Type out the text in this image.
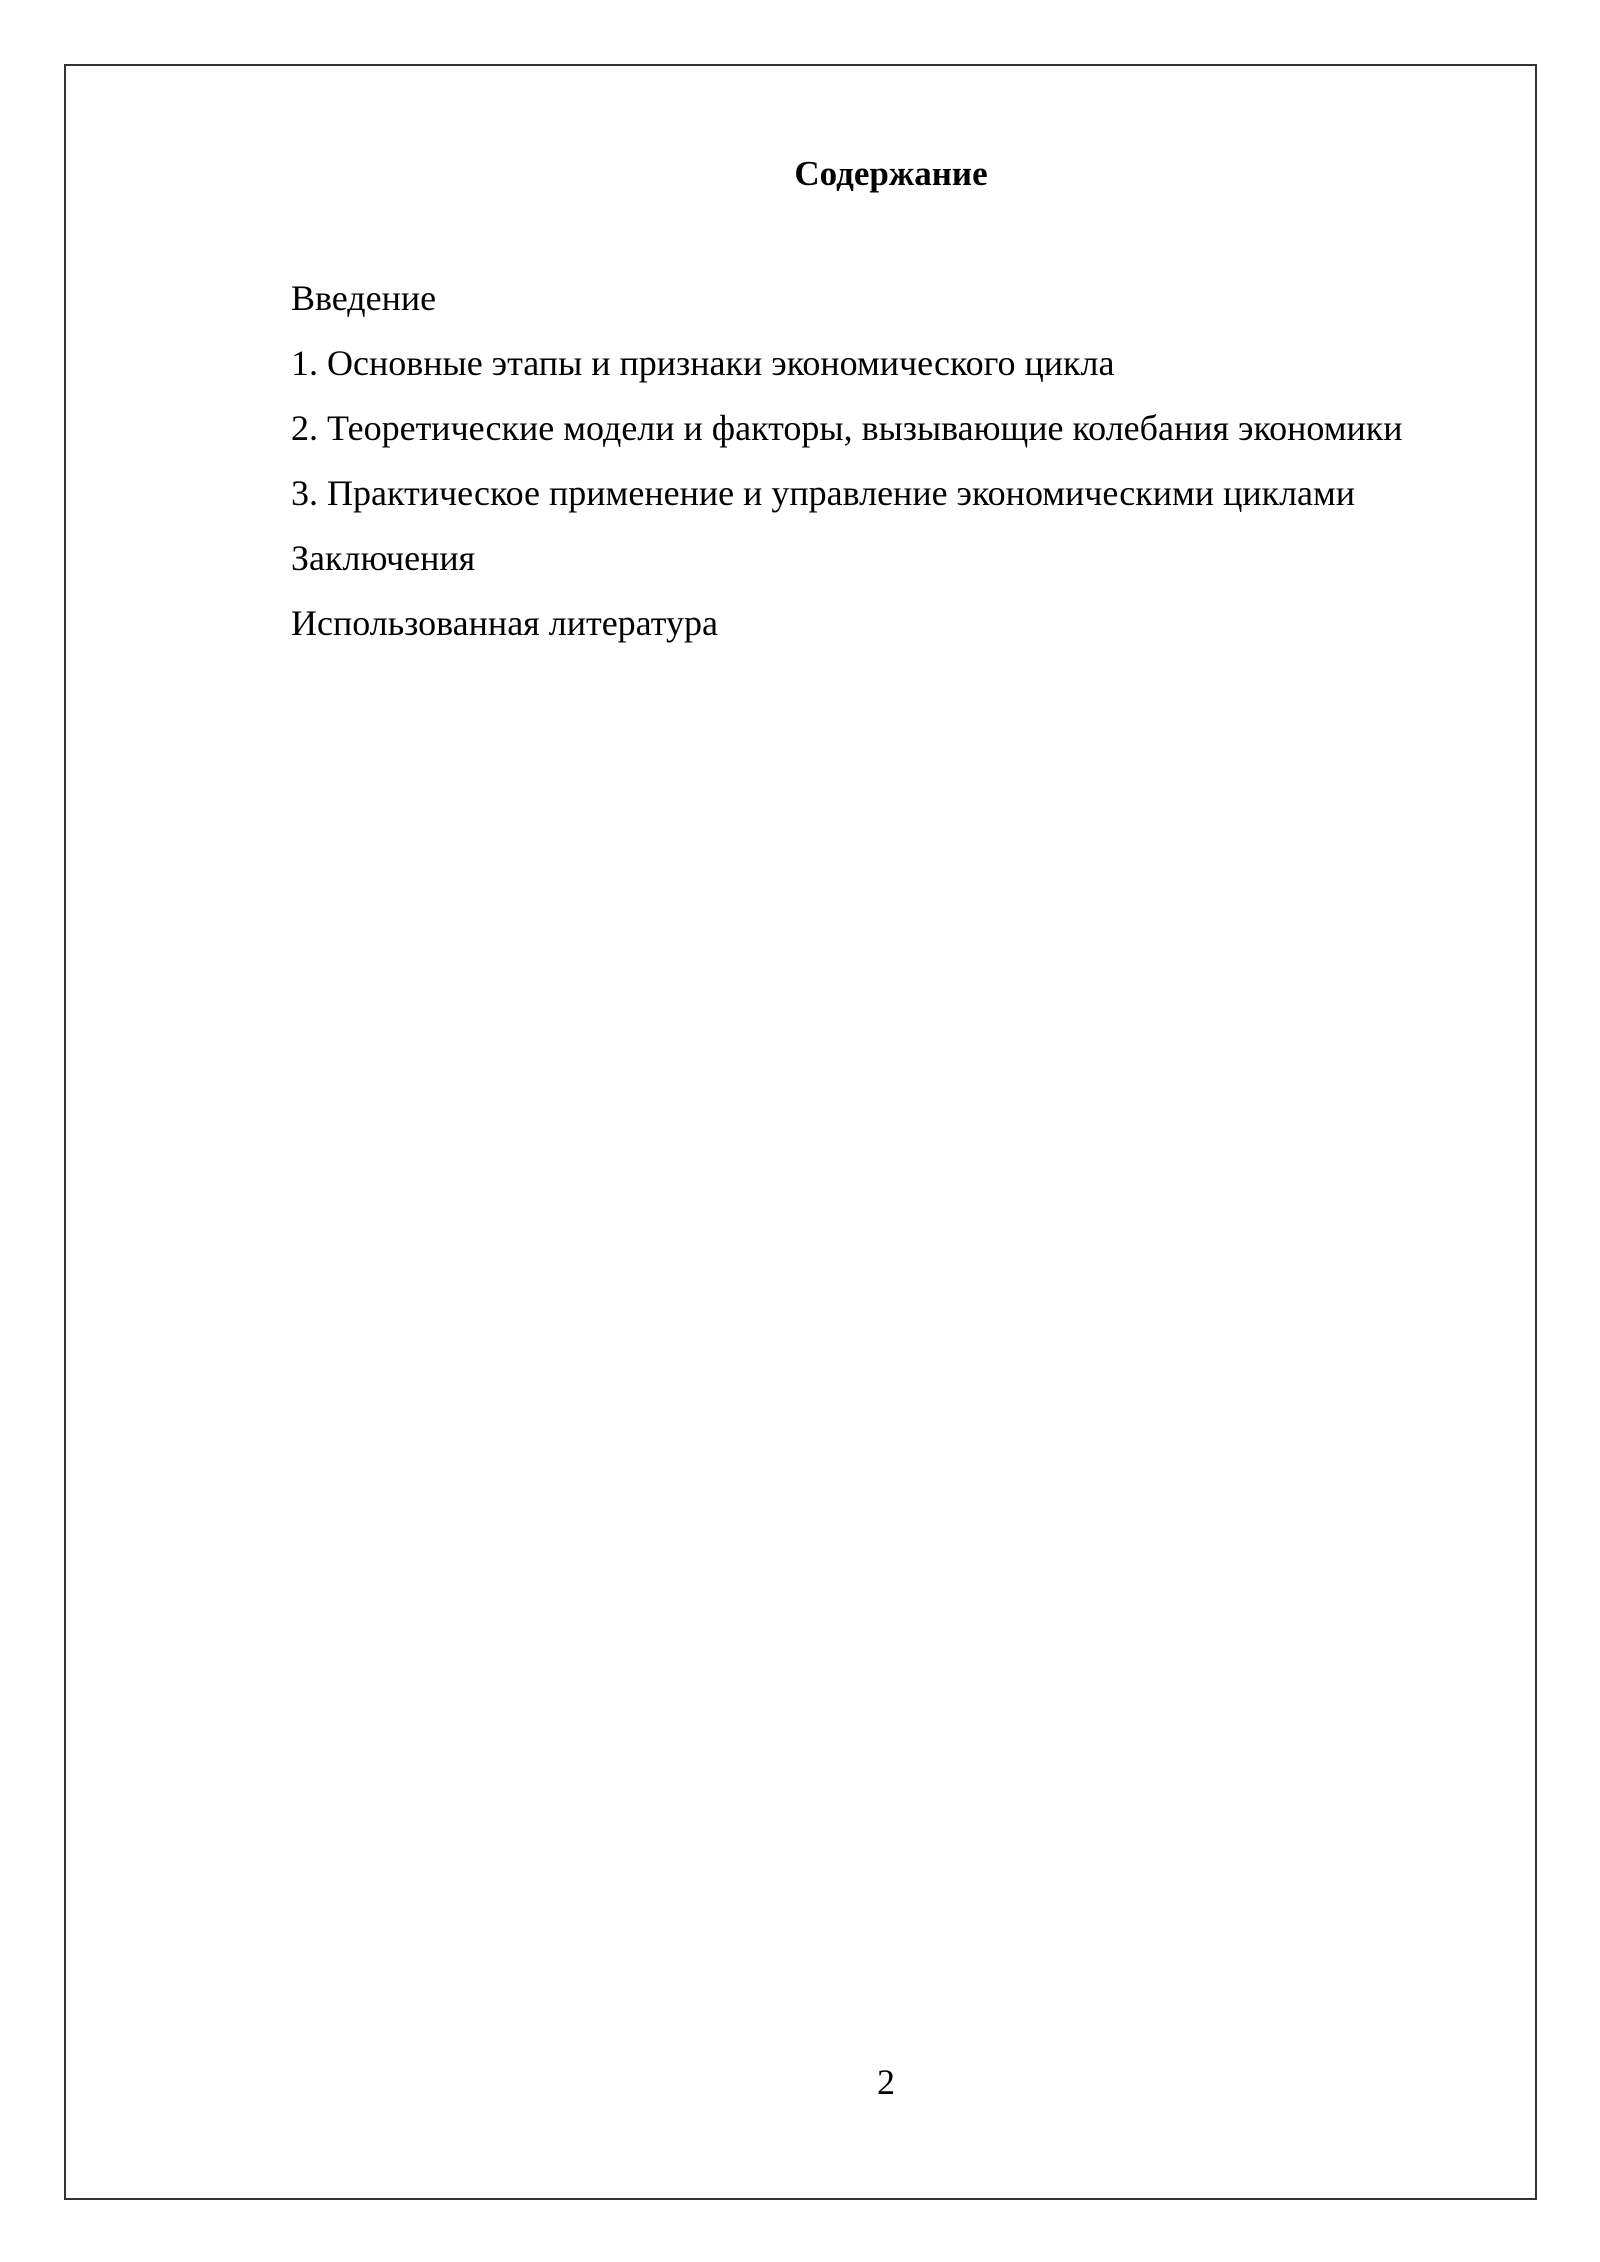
Содержание
Введение
1. Основные этапы и признаки экономического цикла
2. Теоретические модели и факторы, вызывающие колебания экономики
3. Практическое применение и управление экономическими циклами
Заключения
Использованная литература
2
